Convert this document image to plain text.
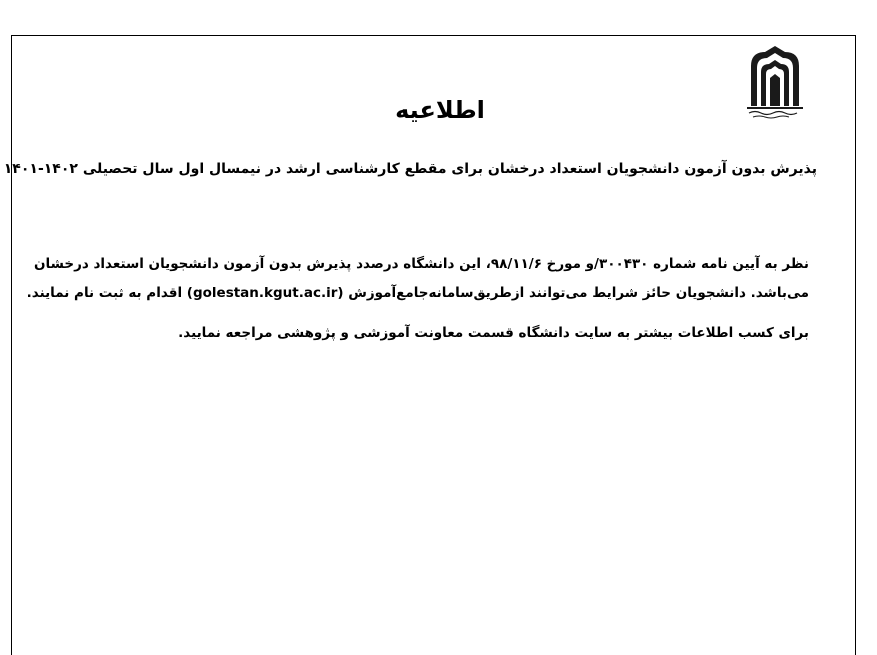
اطلاعیه
پذیرش بدون آزمون دانشجویان استعداد درخشان برای مقطع کارشناسی ارشد در نیمسال اول سال تحصیلی ۱۴۰۲-۱۴۰۱
نظر به آیین نامه شماره ۳۰۰۴۳۰/و مورخ ۹۸/۱۱/۶، این دانشگاه درصدد پذیرش بدون آزمون دانشجویان استعداد درخشان
می‌باشد. دانشجویان حائز شرایط می‌توانند ازطریق‌سامانه‌جامع‌آموزش (golestan.kgut.ac.ir) اقدام به ثبت نام نمایند.
برای کسب اطلاعات بیشتر به سایت دانشگاه قسمت معاونت آموزشی و پژوهشی مراجعه نمایید.
